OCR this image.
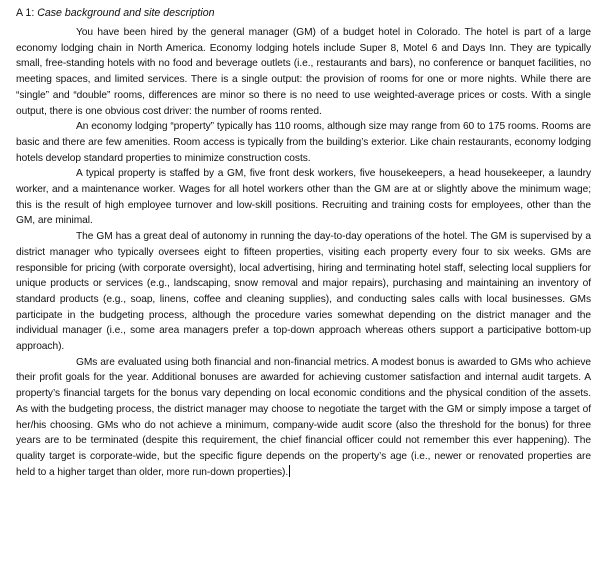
A 1: Case background and site description

You have been hired by the general manager (GM) of a budget hotel in Colorado. The hotel is part of a large economy lodging chain in North America. Economy lodging hotels include Super 8, Motel 6 and Days Inn. They are typically small, free-standing hotels with no food and beverage outlets (i.e., restaurants and bars), no conference or banquet facilities, no meeting spaces, and limited services. There is a single output: the provision of rooms for one or more nights. While there are “single” and “double” rooms, differences are minor so there is no need to use weighted-average prices or costs. With a single output, there is one obvious cost driver: the number of rooms rented.

An economy lodging “property” typically has 110 rooms, although size may range from 60 to 175 rooms. Rooms are basic and there are few amenities. Room access is typically from the building’s exterior. Like chain restaurants, economy lodging hotels develop standard properties to minimize construction costs.

A typical property is staffed by a GM, five front desk workers, five housekeepers, a head housekeeper, a laundry worker, and a maintenance worker. Wages for all hotel workers other than the GM are at or slightly above the minimum wage; this is the result of high employee turnover and low-skill positions. Recruiting and training costs for employees, other than the GM, are minimal.

The GM has a great deal of autonomy in running the day-to-day operations of the hotel. The GM is supervised by a district manager who typically oversees eight to fifteen properties, visiting each property every four to six weeks. GMs are responsible for pricing (with corporate oversight), local advertising, hiring and terminating hotel staff, selecting local suppliers for unique products or services (e.g., landscaping, snow removal and major repairs), purchasing and maintaining an inventory of standard products (e.g., soap, linens, coffee and cleaning supplies), and conducting sales calls with local businesses. GMs participate in the budgeting process, although the procedure varies somewhat depending on the district manager and the individual manager (i.e., some area managers prefer a top-down approach whereas others support a participative bottom-up approach).

GMs are evaluated using both financial and non-financial metrics. A modest bonus is awarded to GMs who achieve their profit goals for the year. Additional bonuses are awarded for achieving customer satisfaction and internal audit targets. A property’s financial targets for the bonus vary depending on local economic conditions and the physical condition of the assets. As with the budgeting process, the district manager may choose to negotiate the target with the GM or simply impose a target of her/his choosing. GMs who do not achieve a minimum, company-wide audit score (also the threshold for the bonus) for three years are to be terminated (despite this requirement, the chief financial officer could not remember this ever happening). The quality target is corporate-wide, but the specific figure depends on the property’s age (i.e., newer or renovated properties are held to a higher target than older, more run-down properties).
